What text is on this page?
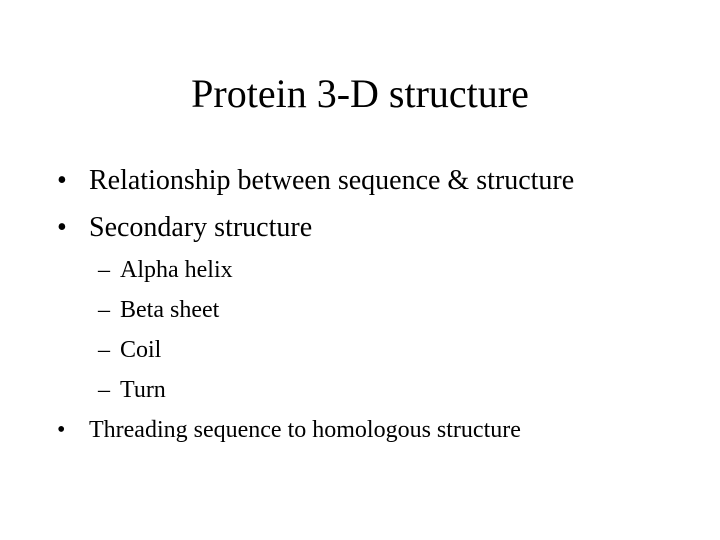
Protein 3-D structure
•Relationship between sequence & structure
•Secondary structure
–Alpha helix
–Beta sheet
–Coil
–Turn
• Threading sequence to homologous structure
